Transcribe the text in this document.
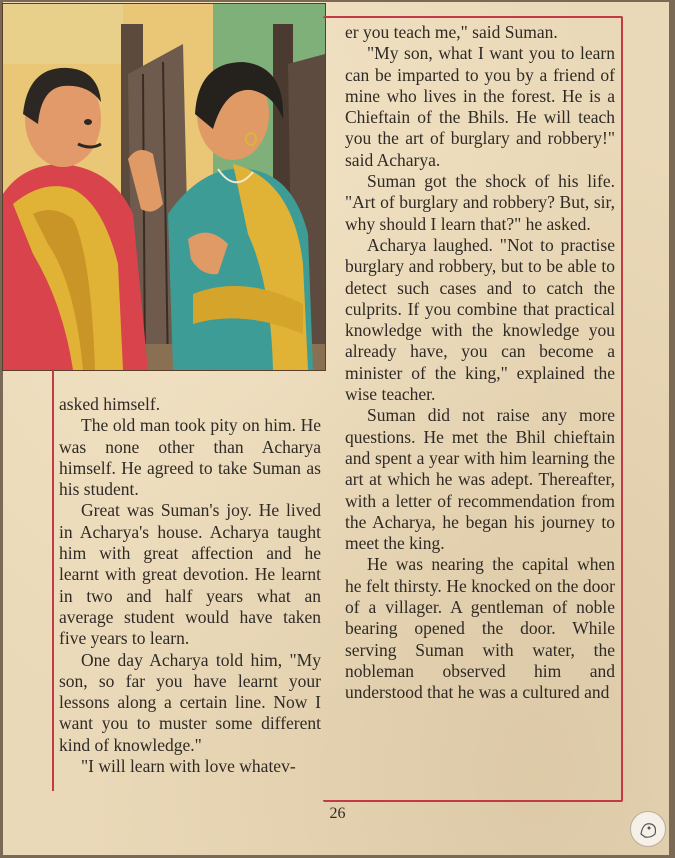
asked himself.

The old man took pity on him. He was none other than Acharya himself. He agreed to take Suman as his student.

Great was Suman's joy. He lived in Acharya's house. Acharya taught him with great affection and he learnt with great devotion. He learnt in two and half years what an average student would have taken five years to learn.

One day Acharya told him, "My son, so far you have learnt your lessons along a certain line. Now I want you to muster some different kind of knowledge."

"I will learn with love whatev-

er you teach me," said Suman.

"My son, what I want you to learn can be imparted to you by a friend of mine who lives in the forest. He is a Chieftain of the Bhils. He will teach you the art of burglary and robbery!" said Acharya.

Suman got the shock of his life. "Art of burglary and robbery? But, sir, why should I learn that?" he asked.

Acharya laughed. "Not to practise burglary and robbery, but to be able to detect such cases and to catch the culprits. If you combine that practical knowledge with the knowledge you already have, you can become a minister of the king," explained the wise teacher.

Suman did not raise any more questions. He met the Bhil chieftain and spent a year with him learning the art at which he was adept. Thereafter, with a letter of recommendation from the Acharya, he began his journey to meet the king.

He was nearing the capital when he felt thirsty. He knocked on the door of a villager. A gentleman of noble bearing opened the door. While serving Suman with water, the nobleman observed him and understood that he was a cultured and

26
